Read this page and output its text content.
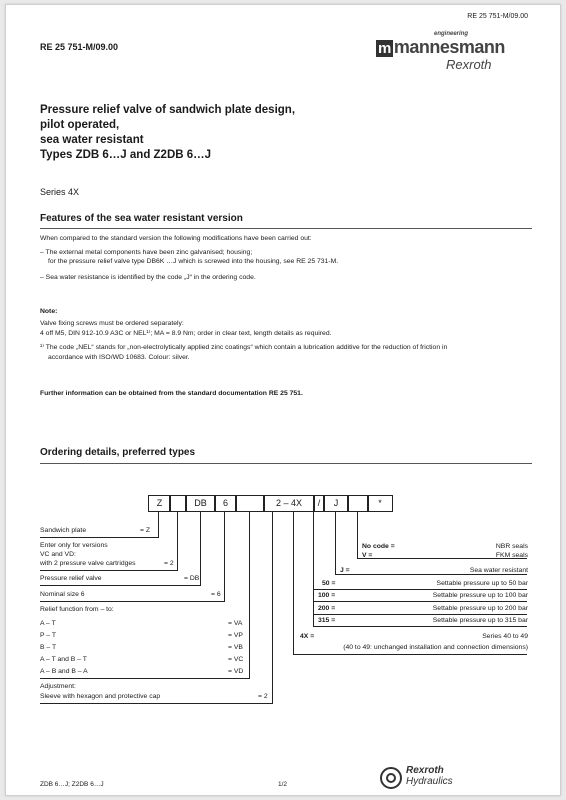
RE 25 751-M/09.00
RE 25 751-M/09.00
engineering
m mannesmann
Rexroth
Pressure relief valve of sandwich plate design,
pilot operated,
sea water resistant
Types ZDB 6…J and Z2DB 6…J
Series 4X
Features of the sea water resistant version
When compared to the standard version the following modifications have been carried out:
– The external metal components have been zinc galvanised; housing;
for the pressure relief valve type DB6K …J which is screwed into the housing, see RE 25 731-M.
– Sea water resistance is identified by the code „J“ in the ordering code.
Note:
Valve fixing screws must be ordered separately:
4 off M5, DIN 912-10.9 A3C or NEL¹⁾; MA = 8.9 Nm; order in clear text, length details as required.
¹⁾ The code „NEL“ stands for „non-electrolytically applied zinc coatings“ which contain a lubrication additive for the reduction of friction in
accordance with ISO/WD 10683. Colour: silver.
Further information can be obtained from the standard documentation RE 25 751.
Ordering details, preferred types
Z	DB	6	2 – 4X	/	J	*
Sandwich plate	= Z
Enter only for versions
VC and VD:
with 2 pressure valve cartridges	= 2
Pressure relief valve	= DB
Nominal size 6	= 6
Relief function from – to:
A – T	= VA
P – T	= VP
B – T	= VB
A – T and B – T	= VC
A – B and B – A	= VD
Adjustment:
Sleeve with hexagon and protective cap	= 2
No code =	NBR seals
V =	FKM seals
J =	Sea water resistant
50 =	Settable pressure up to 50 bar
100 =	Settable pressure up to 100 bar
200 =	Settable pressure up to 200 bar
315 =	Settable pressure up to 315 bar
4X =	Series 40 to 49
(40 to 49: unchanged installation and connection dimensions)
ZDB 6…J; Z2DB 6…J	1/2
Rexroth
Hydraulics
